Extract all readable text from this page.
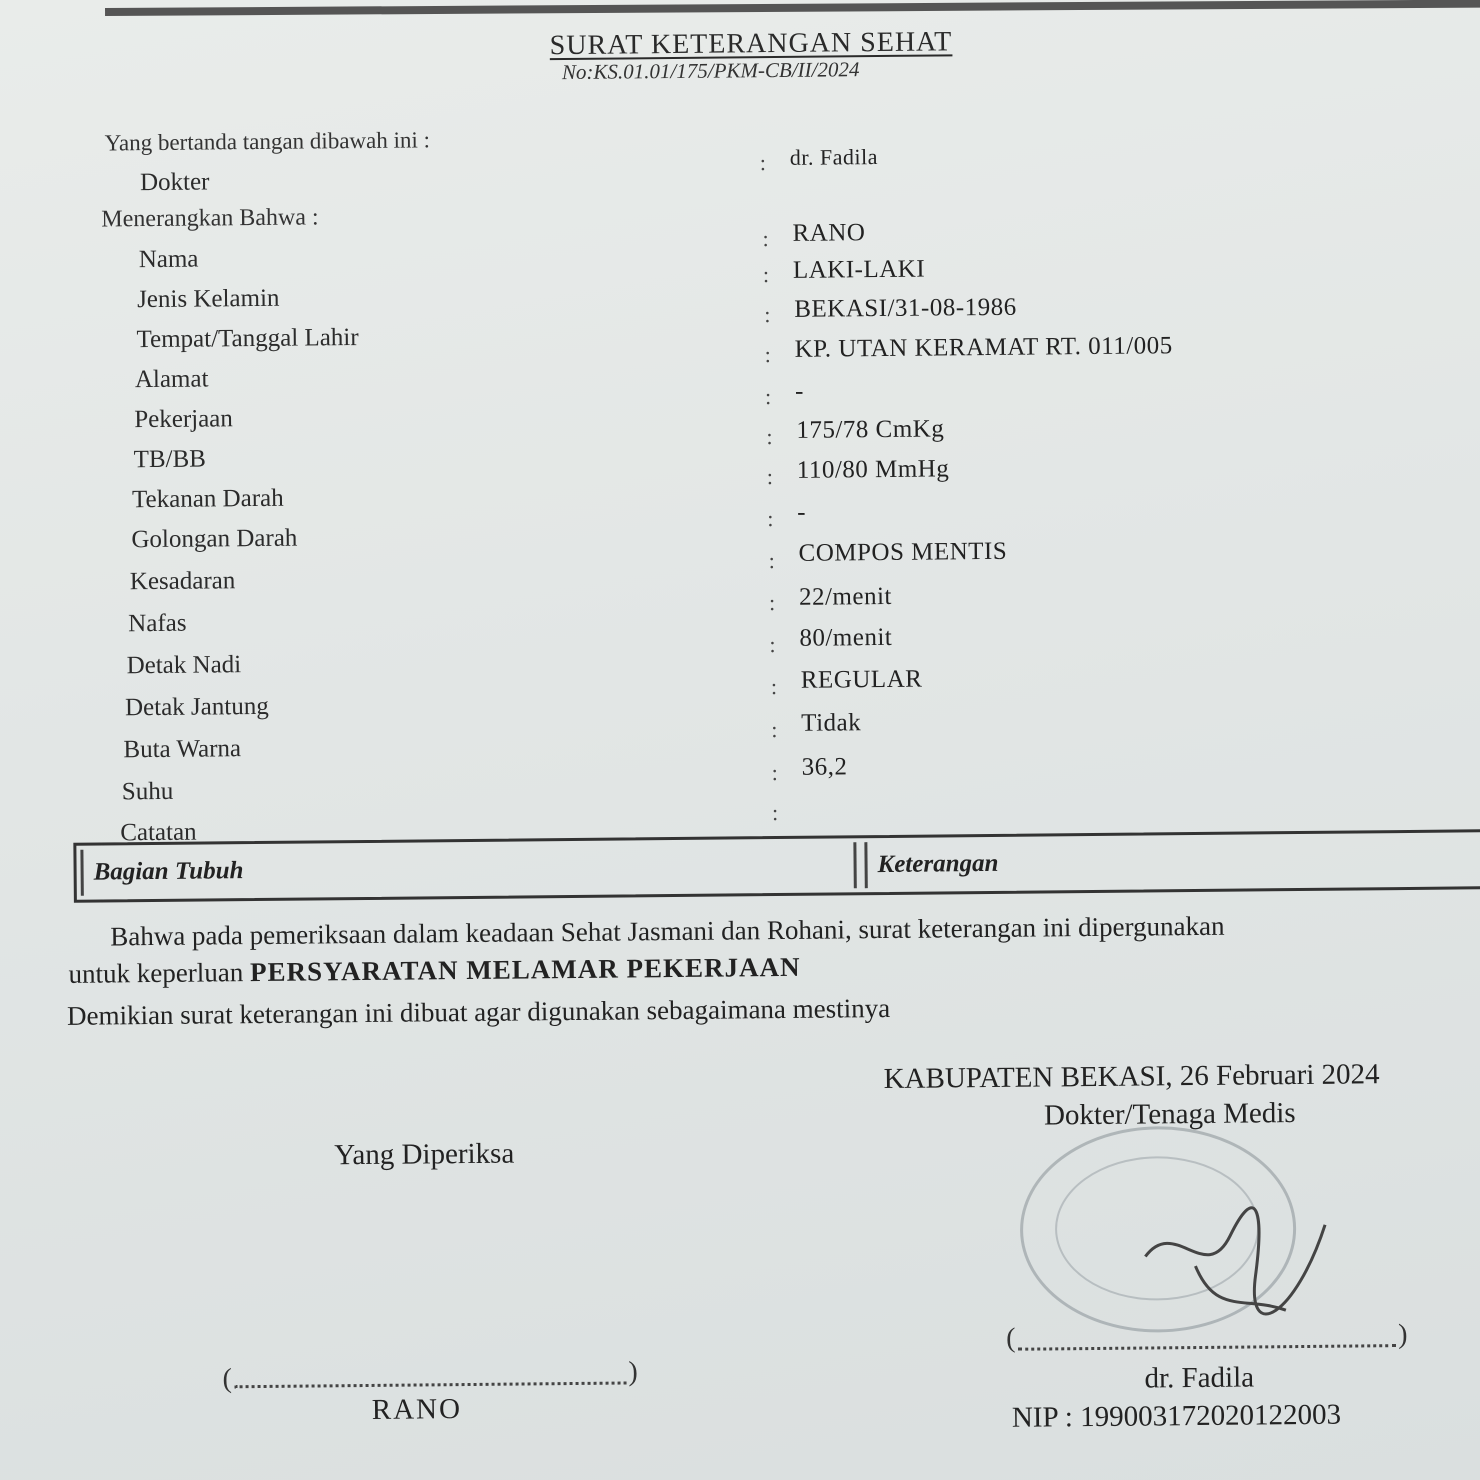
SURAT KETERANGAN SEHAT
No:KS.01.01/175/PKM-CB/II/2024
Yang bertanda tangan dibawah ini :
Dokter
: dr. Fadila
Menerangkan Bahwa :
Nama
: RANO
Jenis Kelamin
: LAKI-LAKI
Tempat/Tanggal Lahir
: BEKASI/31-08-1986
Alamat
: KP. UTAN KERAMAT RT. 011/005
Pekerjaan
: -
TB/BB
: 175/78 CmKg
Tekanan Darah
: 110/80 MmHg
Golongan Darah
: -
Kesadaran
: COMPOS MENTIS
Nafas
: 22/menit
Detak Nadi
: 80/menit
Detak Jantung
: REGULAR
Buta Warna
: Tidak
Suhu
: 36,2
Catatan
:
Bagian Tubuh	Keterangan
Bahwa pada pemeriksaan dalam keadaan Sehat Jasmani dan Rohani, surat keterangan ini dipergunakan
untuk keperluan PERSYARATAN MELAMAR PEKERJAAN
Demikian surat keterangan ini dibuat agar digunakan sebagaimana mestinya
KABUPATEN BEKASI, 26 Februari 2024
Dokter/Tenaga Medis
Yang Diperiksa
(	)
(	)
RANO
dr. Fadila
NIP : 199003172020122003
